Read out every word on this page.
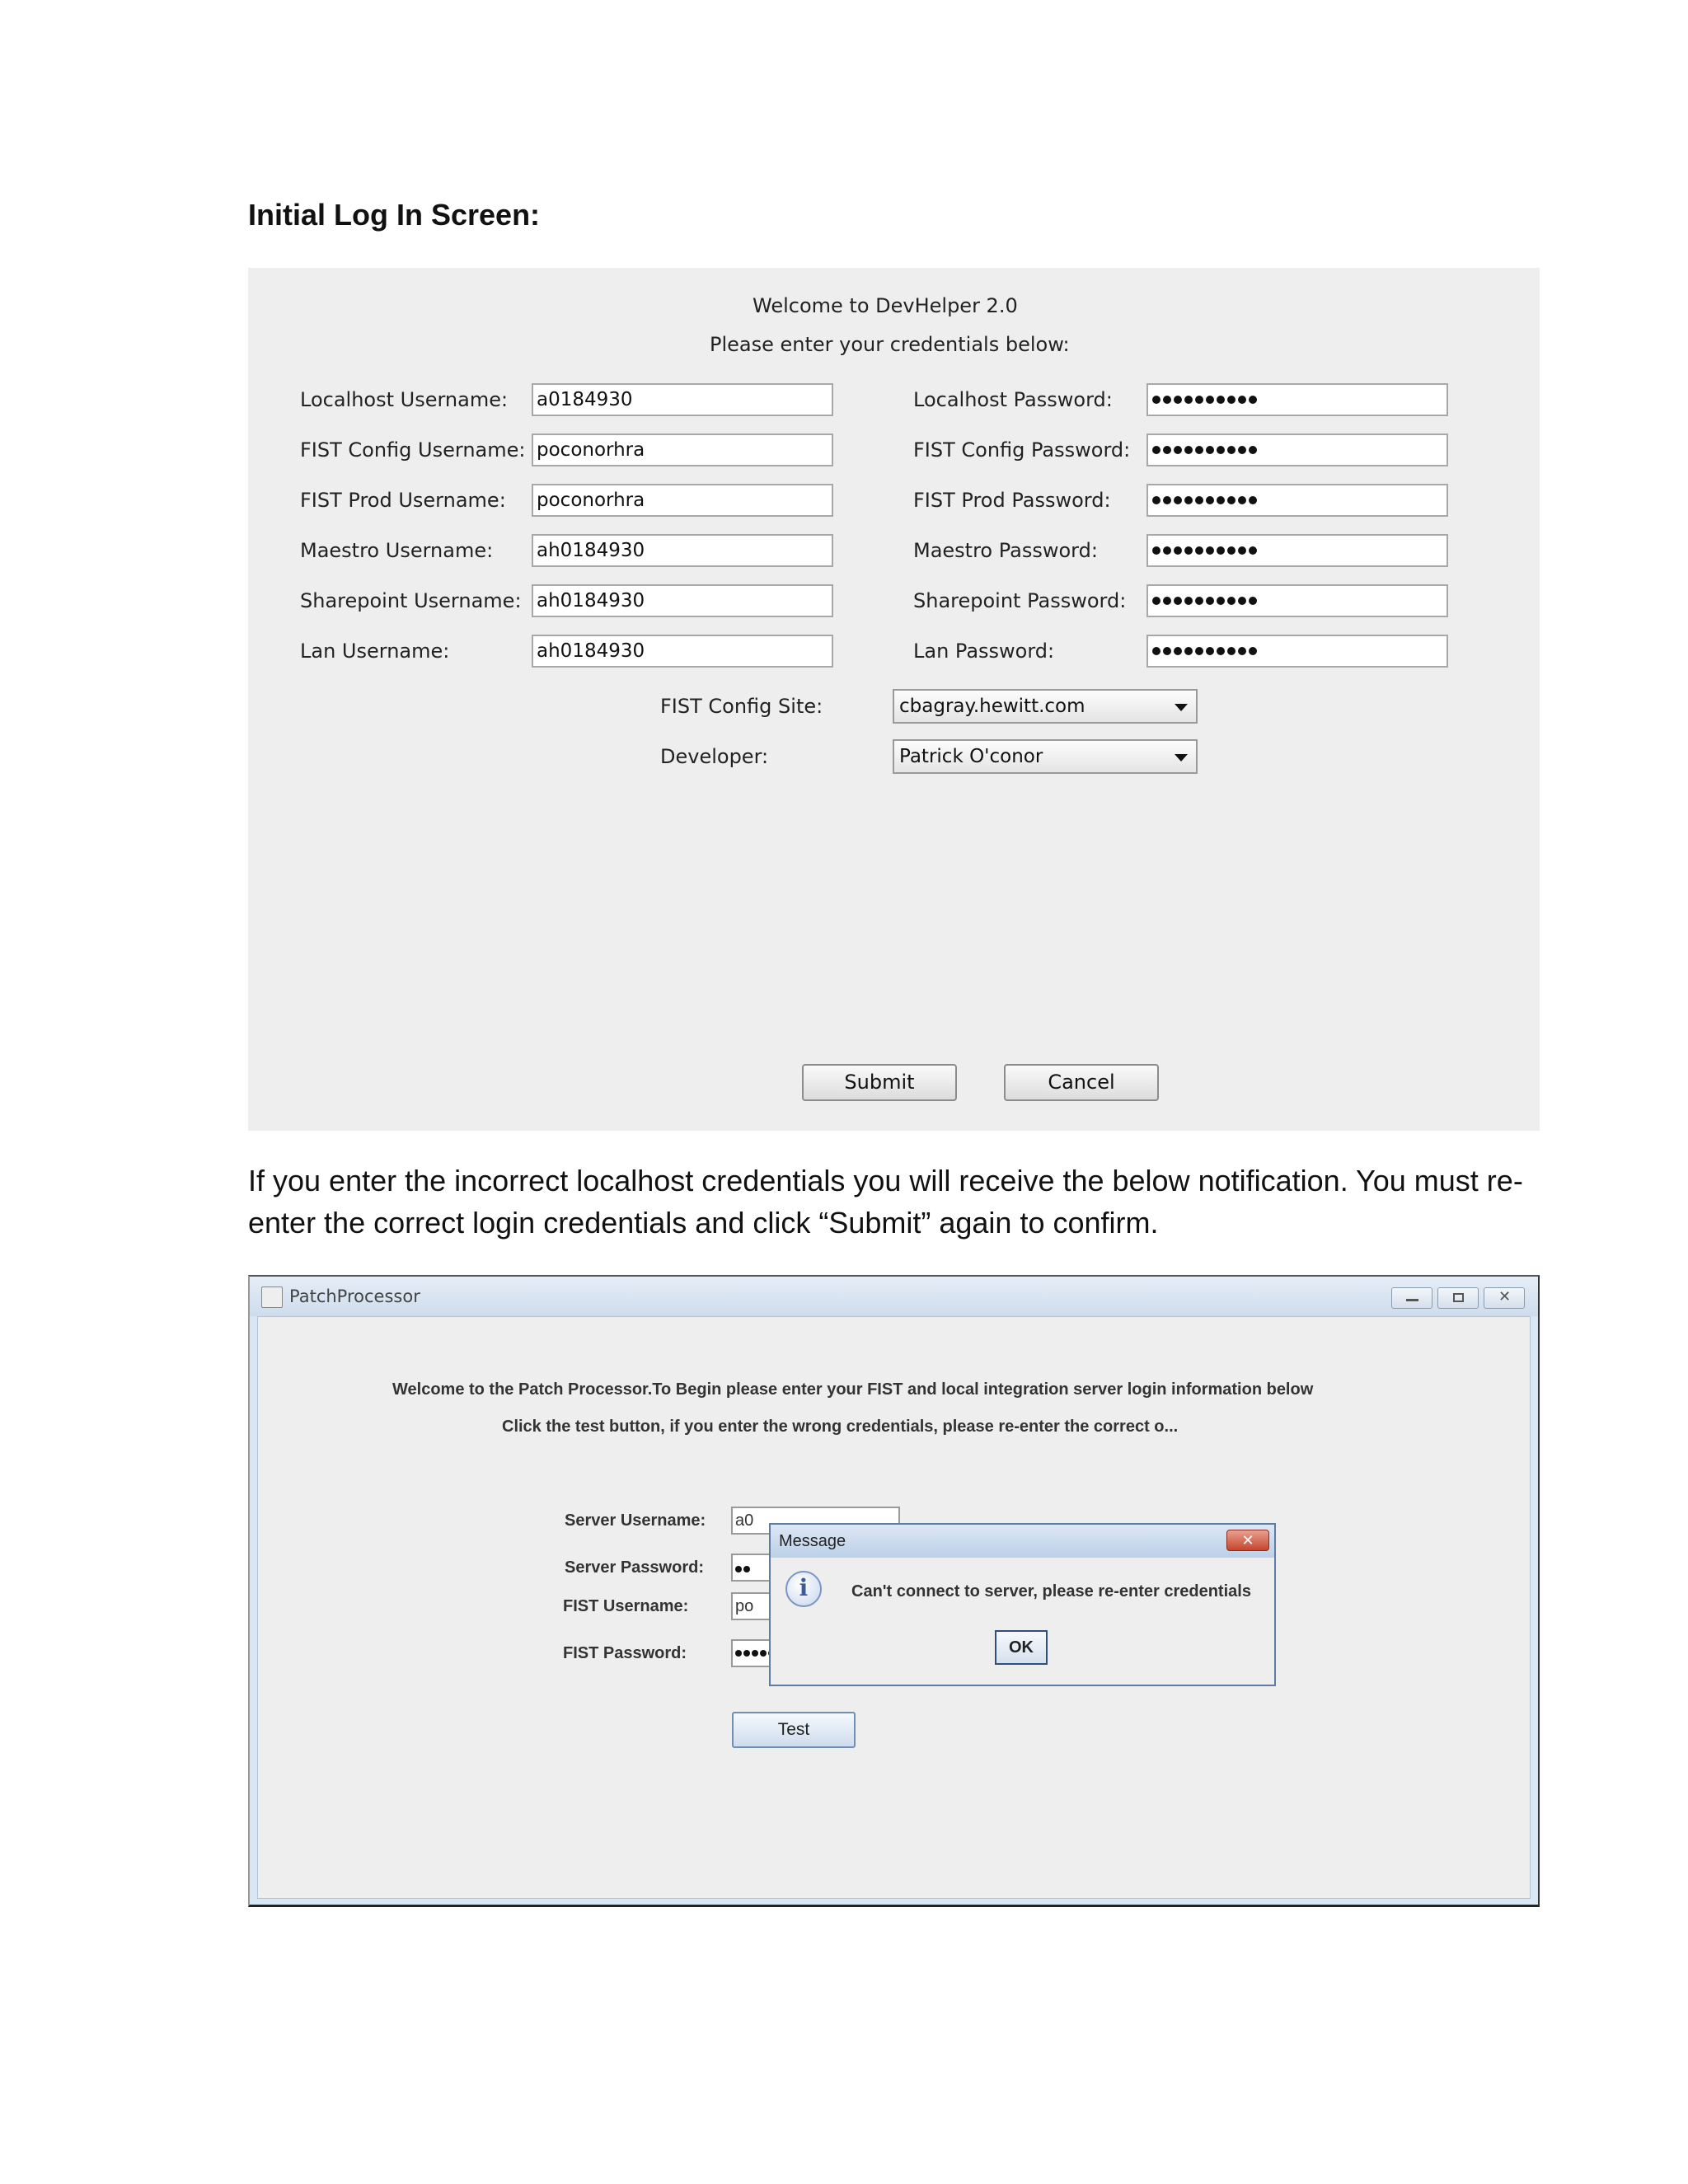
Initial Log In Screen:
Welcome to DevHelper 2.0
Please enter your credentials below:
Localhost Username: a0184930	Localhost Password:
FIST Config Username: poconorhra	FIST Config Password:
FIST Prod Username: poconorhra	FIST Prod Password:
Maestro Username: ah0184930	Maestro Password:
Sharepoint Username: ah0184930	Sharepoint Password:
Lan Username:	ah0184930	Lan Password:
FIST Config Site:	cbagray.hewitt.com
Developer:	Patrick O'conor
Submit	Cancel
If you enter the incorrect localhost credentials you will receive the below notification. You must re-
enter the correct login credentials and click “Submit” again to confirm.
PatchProcessor	✕
Welcome to the Patch Processor.To Begin please enter your FIST and local integration server login information below
Click the test button, if you enter the wrong credentials, please re-enter the correct o...
Server Username: a0
Server Password:
FIST Username:	po
FIST Password:
Test
Message	✕
i	Can't connect to server, please re-enter credentials
OK
